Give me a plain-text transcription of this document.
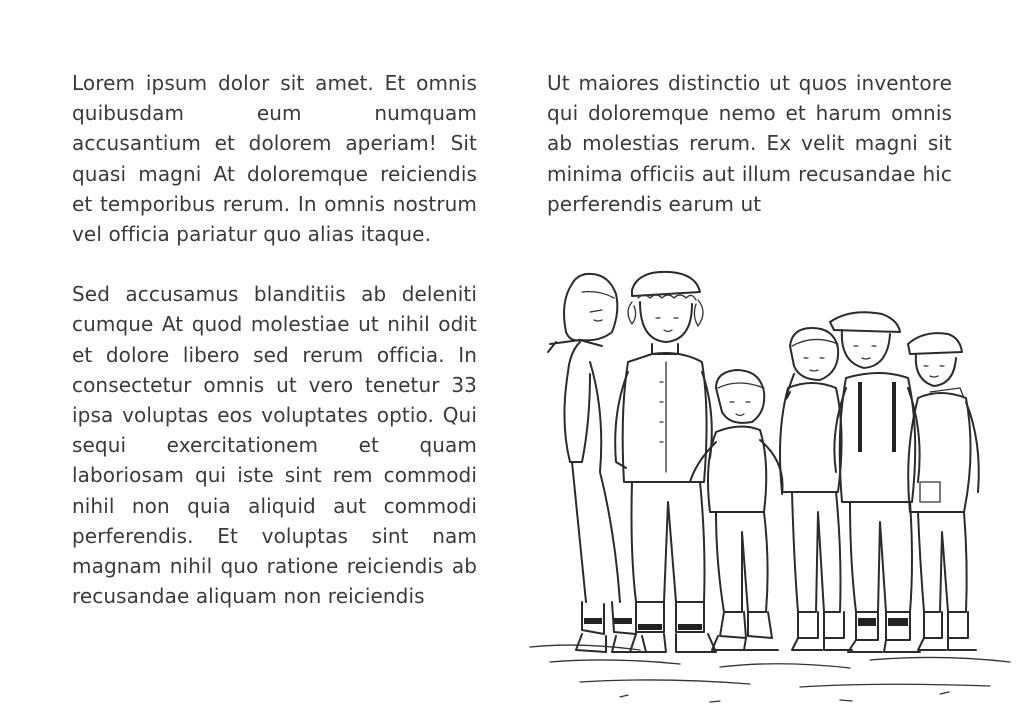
Lorem ipsum dolor sit amet. Et omnis quibusdam eum numquam accusantium et dolorem aperiam! Sit quasi magni At doloremque reiciendis et temporibus rerum. In omnis nostrum vel officia pariatur quo alias itaque.

Sed accusamus blanditiis ab deleniti cumque At quod molestiae ut nihil odit et dolore libero sed rerum officia. In consectetur omnis ut vero tenetur 33 ipsa voluptas eos voluptates optio. Qui sequi exercitationem et quam laboriosam qui iste sint rem commodi nihil non quia aliquid aut commodi perferendis. Et voluptas sint nam magnam nihil quo ratione reiciendis ab recusandae aliquam non reiciendis

Ut maiores distinctio ut quos inventore qui doloremque nemo et harum omnis ab molestias rerum. Ex velit magni sit minima officiis aut illum recusandae hic perferendis earum ut
